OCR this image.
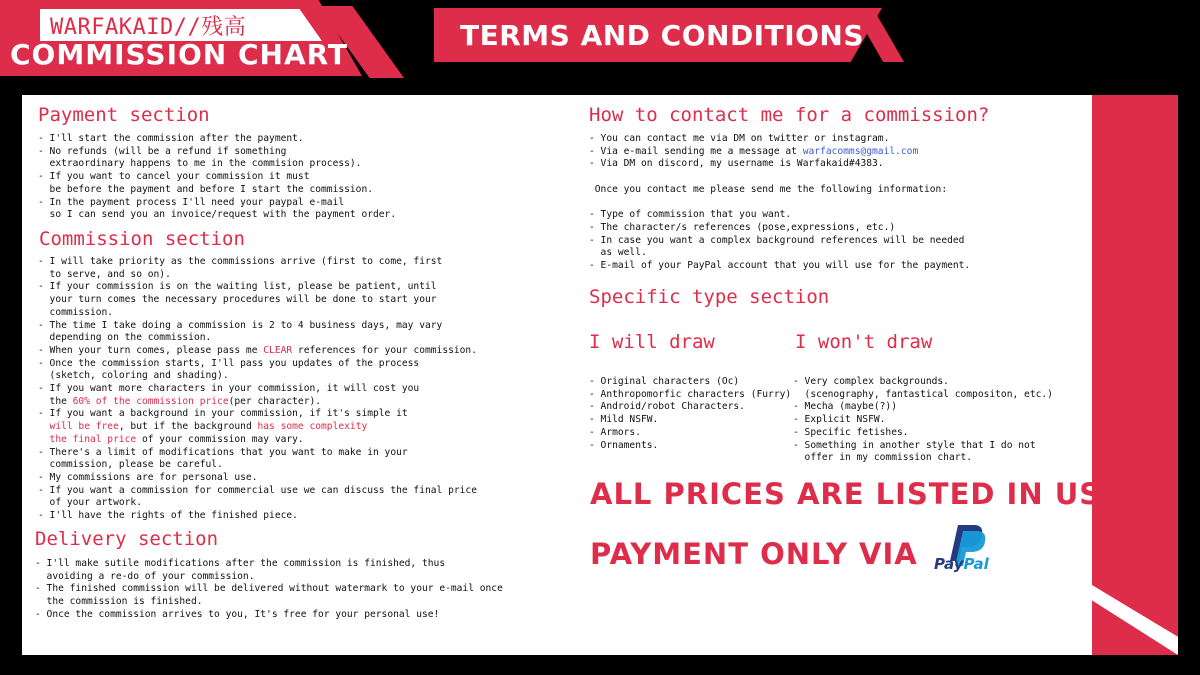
WARFAKAID//残高
COMMISSION CHART
TERMS AND CONDITIONS
Payment section
- I'll start the commission after the payment.
- No refunds (will be a refund if something
extraordinary happens to me in the commision process).
- If you want to cancel your commission it must
be before the payment and before I start the commission.
- In the payment process I'll need your paypal e-mail
so I can send you an invoice/request with the payment order.
Commission section
- I will take priority as the commissions arrive (first to come, first
to serve, and so on).
- If your commission is on the waiting list, please be patient, until
your turn comes the necessary procedures will be done to start your
commission.
- The time I take doing a commission is 2 to 4 business days, may vary
depending on the commission.
- When your turn comes, please pass me CLEAR references for your commission.
- Once the commission starts, I'll pass you updates of the process
(sketch, coloring and shading).
- If you want more characters in your commission, it will cost you
the 60% of the commission price(per character).
- If you want a background in your commission, if it's simple it
will be free, but if the background has some complexity
the final price of your commission may vary.
- There's a limit of modifications that you want to make in your
commission, please be careful.
- My commissions are for personal use.
- If you want a commission for commercial use we can discuss the final price
of your artwork.
- I'll have the rights of the finished piece.
Delivery section
- I'll make sutile modifications after the commission is finished, thus
avoiding a re-do of your commission.
- The finished commission will be delivered without watermark to your e-mail once
the commission is finished.
- Once the commission arrives to you, It's free for your personal use!
How to contact me for a commission?
- You can contact me via DM on twitter or instagram.
- Via e-mail sending me a message at warfacomms@gmail.com
- Via DM on discord, my username is Warfakaid#4383.

Once you contact me please send me the following information:

- Type of commission that you want.
- The character/s references (pose,expressions, etc.)
- In case you want a complex background references will be needed
as well.
- E-mail of your PayPal account that you will use for the payment.
Specific type section
I will draw
- Original characters (Oc)
- Anthropomorfic characters (Furry)
- Android/robot Characters.
- Mild NSFW.
- Armors.
- Ornaments.
I won't draw
- Very complex backgrounds.
(scenography, fantastical compositon, etc.)
- Mecha (maybe(?))
- Explicit NSFW.
- Specific fetishes.
- Something in another style that I do not
offer in my commission chart.
ALL PRICES ARE LISTED IN USD!!
PAYMENT ONLY VIA PayPal
